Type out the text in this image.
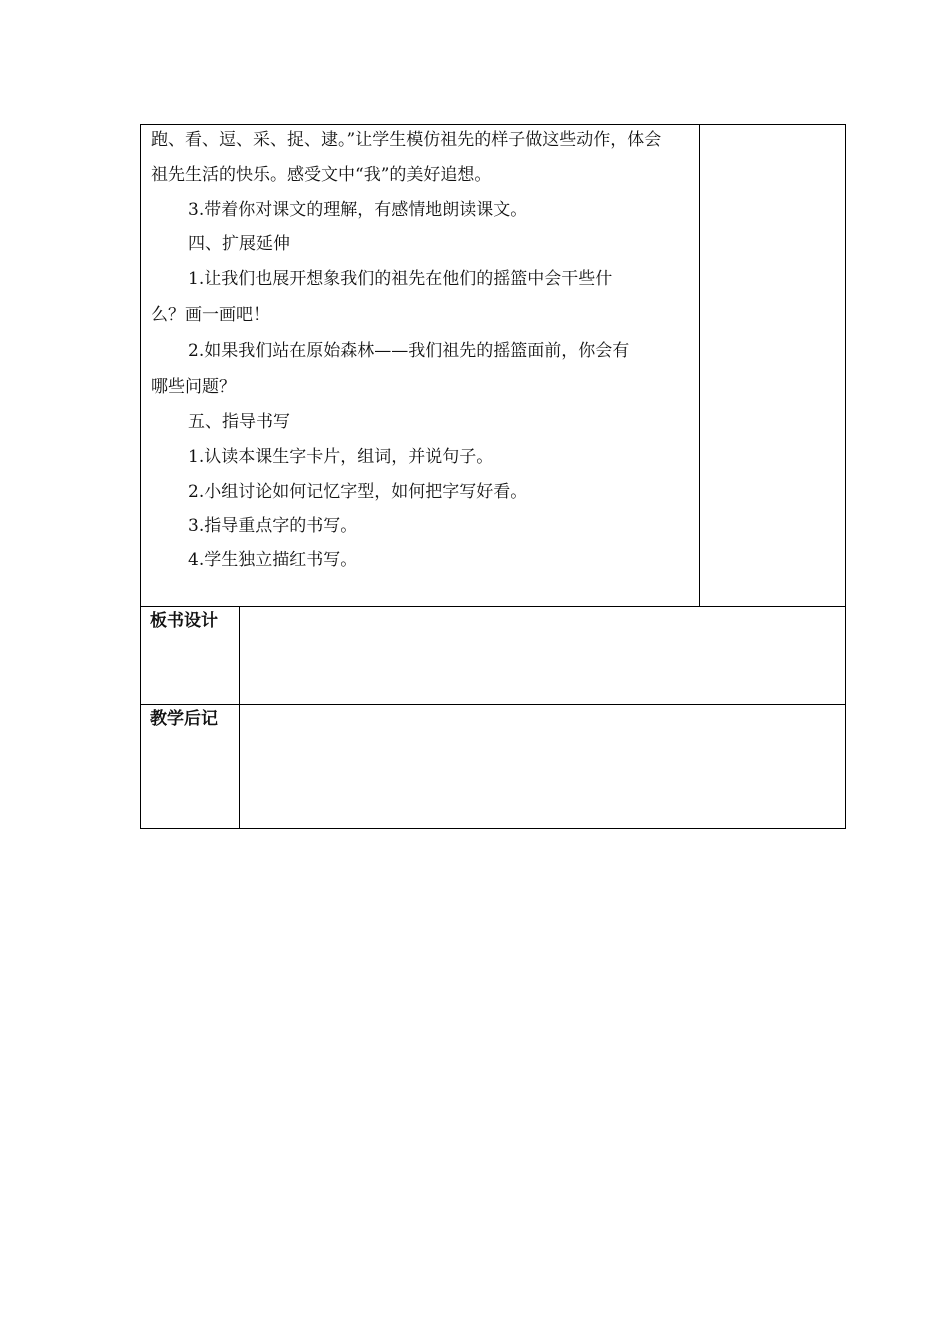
跑、看、逗、采、捉、逮。”让学生模仿祖先的样子做这些动作，体会
祖先生活的快乐。感受文中“我”的美好追想。
3.带着你对课文的理解，有感情地朗读课文。
四、扩展延伸
1.让我们也展开想象我们的祖先在他们的摇篮中会干些什
么？画一画吧！
2.如果我们站在原始森林——我们祖先的摇篮面前，你会有
哪些问题？
五、指导书写
1.认读本课生字卡片，组词，并说句子。
2.小组讨论如何记忆字型，如何把字写好看。
3.指导重点字的书写。
4.学生独立描红书写。
板书设计
教学后记
